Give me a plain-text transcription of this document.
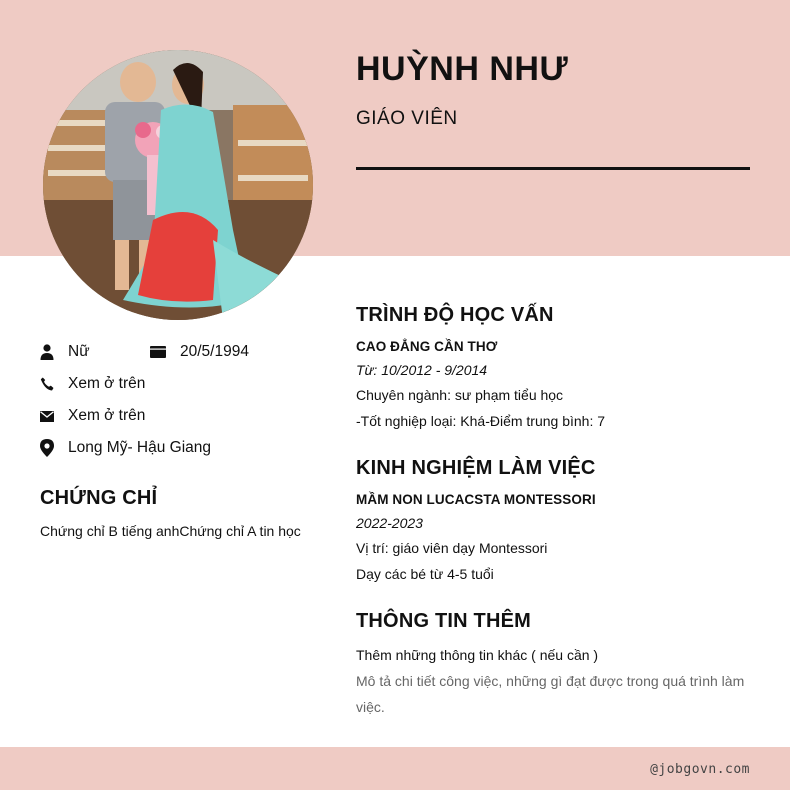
HUỲNH NHƯ
GIÁO VIÊN
Nữ	20/5/1994
Xem ở trên
Xem ở trên
Long Mỹ- Hậu Giang
CHỨNG CHỈ
Chứng chỉ B tiếng anhChứng chỉ A tin học
TRÌNH ĐỘ HỌC VẤN
CAO ĐẲNG CẦN THƠ
Từ: 10/2012 - 9/2014
Chuyên ngành: sư phạm tiểu học
-Tốt nghiệp loại: Khá-Điểm trung bình: 7
KINH NGHIỆM LÀM VIỆC
MẦM NON LUCACSTA MONTESSORI
2022-2023
Vị trí: giáo viên dạy Montessori
Dạy các bé từ 4-5 tuổi
THÔNG TIN THÊM
Thêm những thông tin khác ( nếu cần )
Mô tả chi tiết công việc, những gì đạt được trong quá trình làm việc.
@jobgovn.com
